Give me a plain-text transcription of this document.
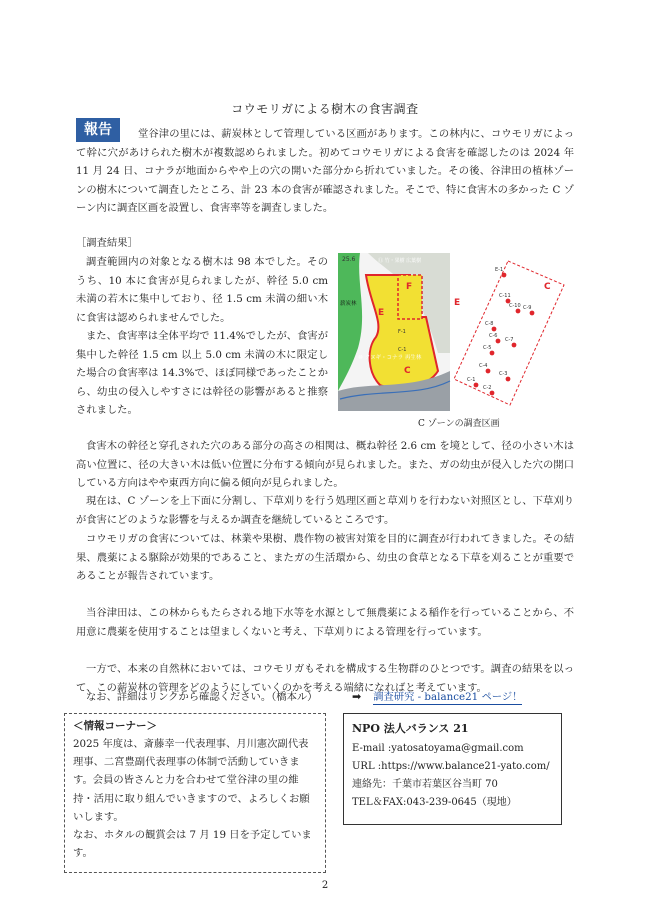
コウモリガによる樹木の食害調査
報告	堂谷津の里には、薪炭林として管理している区画があります。この林内に、コウモリガによって幹に穴があけられた樹木が複数認められました。初めてコウモリガによる食害を確認したのは 2024 年 11 月 24 日、コナラが地面からやや上の穴の開いた部分から折れていました。その後、谷津田の植林ゾーンの樹木について調査したところ、計 23 本の食害が確認されました。そこで、特に食害木の多かった C ゾーン内に調査区画を設置し、食害率等を調査しました。
［調査結果］
調査範囲内の対象となる樹木は 98 本でした。そのうち、10 本に食害が見られましたが、幹径 5.0 cm 未満の若木に集中しており、径 1.5 cm 未満の細い木に食害は認められませんでした。
また、食害率は全体平均で 11.4%でしたが、食害が集中した幹径 1.5 cm 以上 5.0 cm 未満の木に限定した場合の食害率は 14.3%で、ほぼ同様であったことから、幼虫の侵入しやすさには幹径の影響があると推察されました。
25.6	⑪ 竹・果樹 広葉樹
薪炭林
F
E
C
F-1
C-1
⑩ クヌギ・コナラ 再生林
E
C
E-1
C-11
C-10 C-9
C-8
C-6
C-7
C-5
C-4
C-3
C-2
C-1
C ゾーンの調査区画
食害木の幹径と穿孔された穴のある部分の高さの相関は、概ね幹径 2.6 cm を境として、径の小さい木は高い位置に、径の大きい木は低い位置に分布する傾向が見られました。また、ガの幼虫が侵入した穴の開口している方向はやや東西方向に偏る傾向が見られました。
現在は、C ゾーンを上下面に分割し、下草刈りを行う処理区画と草刈りを行わない対照区とし、下草刈りが食害にどのような影響を与えるか調査を継続しているところです。
コウモリガの食害については、林業や果樹、農作物の被害対策を目的に調査が行われてきました。その結果、農薬による駆除が効果的であること、またガの生活環から、幼虫の食草となる下草を刈ることが重要であることが報告されています。
当谷津田は、この林からもたらされる地下水等を水源として無農薬による稲作を行っていることから、不用意に農薬を使用することは望ましくないと考え、下草刈りによる管理を行っています。
一方で、本来の自然林においては、コウモリガもそれを構成する生物群のひとつです。調査の結果を以って、この薪炭林の管理をどのようにしていくのかを考える端緒になればと考えています。
なお、詳細はリンクから確認ください。（橋本ル）	➡ 調査研究 - balance21 ページ！
＜情報コーナー＞
2025 年度は、斎藤幸一代表理事、月川憲次副代表理事、二宮豊副代表理事の体制で活動していきます。会員の皆さんと力を合わせて堂谷津の里の維持・活用に取り組んでいきますので、よろしくお願いします。
なお、ホタルの観賞会は 7 月 19 日を予定しています。
NPO 法人バランス 21
E-mail :yatosatoyama@gmail.com
URL :https://www.balance21-yato.com/
連絡先：千葉市若葉区谷当町 70
TEL＆FAX:043-239-0645（現地）
2
